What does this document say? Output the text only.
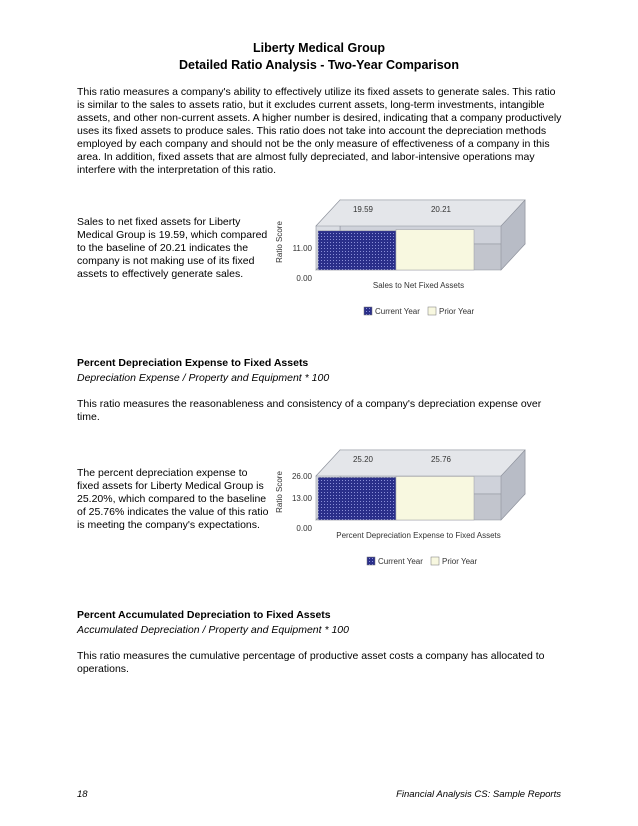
Liberty Medical Group
Detailed Ratio Analysis - Two-Year Comparison

This ratio measures a company's ability to effectively utilize its fixed assets to generate sales. This ratio is similar to the sales to assets ratio, but it excludes current assets, long-term investments, intangible assets, and other non-current assets. A higher number is desired, indicating that a company productively uses its fixed assets to produce sales. This ratio does not take into account the depreciation methods employed by each company and should not be the only measure of effectiveness of a company in this area. In addition, fixed assets that are almost fully depreciated, and labor-intensive operations may interfere with the interpretation of this ratio.

Sales to net fixed assets for Liberty Medical Group is 19.59, which compared to the baseline of 20.21 indicates the company is not making use of its fixed assets to effectively generate sales.

19.59	20.21
0.00
11.00
Ratio Score
Sales to Net Fixed Assets
Current Year Prior Year
Percent Depreciation Expense to Fixed Assets
Depreciation Expense / Property and Equipment * 100

This ratio measures the reasonableness and consistency of a company's depreciation expense over time.

The percent depreciation expense to fixed assets for Liberty Medical Group is 25.20%, which compared to the baseline of 25.76% indicates the value of this ratio is meeting the company's expectations.

25.20	25.76
0.00
13.00
26.00
Ratio Score
Percent Depreciation Expense to Fixed Assets
Current Year Prior Year
Percent Accumulated Depreciation to Fixed Assets
Accumulated Depreciation / Property and Equipment * 100

This ratio measures the cumulative percentage of productive asset costs a company has allocated to operations.

18	Financial Analysis CS: Sample Reports
